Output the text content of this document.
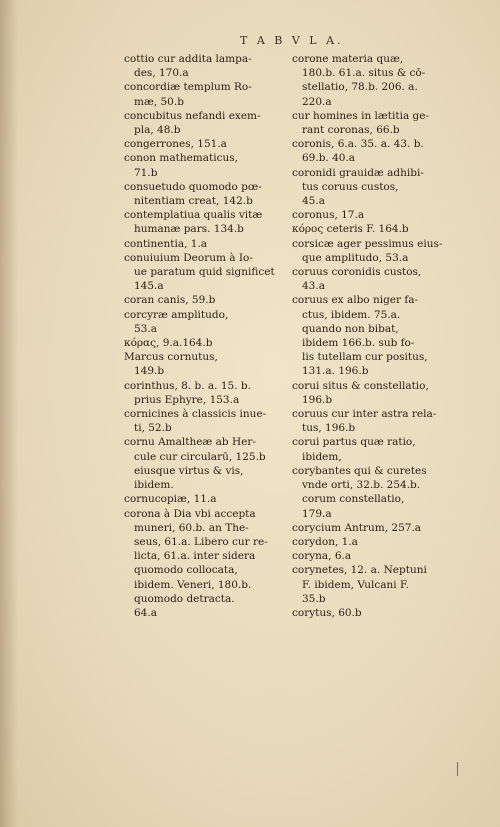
T A B V L A.
cottio cur addita lampa-
des, 170.a
concordiæ templum Ro-
mæ, 50.b
concubitus nefandi exem-
pla, 48.b
congerrones, 151.a
conon mathematicus,
71.b
consuetudo quomodo pœ-
nitentiam creat, 142.b
contemplatiua qualis vitæ
humanæ pars. 134.b
continentia, 1.a
conuiuium Deorum à Io-
ue paratum quid significet
145.a
coran canis, 59.b
corcyræ amplitudo,
53.a
κόρας, 9.a.164.b
Marcus cornutus,
149.b
corinthus, 8. b. a. 15. b.
prius Ephyre, 153.a
cornicines à classicis inue-
ti, 52.b
cornu Amaltheæ ab Her-
cule cur circularū, 125.b
eiusque virtus & vis,
ibidem.
cornucopiæ, 11.a
corona à Dia vbi accepta
muneri, 60.b. an The-
seus, 61.a. Libero cur re-
licta, 61.a. inter sidera
quomodo collocata,
ibidem. Veneri, 180.b.
quomodo detracta.
64.a
corone materia quæ,
180.b. 61.a. situs & cō-
stellatio, 78.b. 206. a.
220.a
cur homines in lætitia ge-
rant coronas, 66.b
coronis, 6.a. 35. a. 43. b.
69.b. 40.a
coronidi grauidæ adhibi-
tus coruus custos,
45.a
coronus, 17.a
κόρος ceteris F. 164.b
corsicæ ager pessimus eius-
que amplitudo, 53.a
coruus coronidis custos,
43.a
coruus ex albo niger fa-
ctus, ibidem. 75.a.
quando non bibat,
ibidem 166.b. sub fo-
lis tutellam cur positus,
131.a. 196.b
corui situs & constellatio,
196.b
coruus cur inter astra rela-
tus, 196.b
corui partus quæ ratio,
ibidem,
corybantes qui & curetes
vnde orti, 32.b. 254.b.
corum constellatio,
179.a
corycium Antrum, 257.a
corydon, 1.a
coryna, 6.a
corynetes, 12. a. Neptuni
F. ibidem, Vulcani F.
35.b
corytus, 60.b
